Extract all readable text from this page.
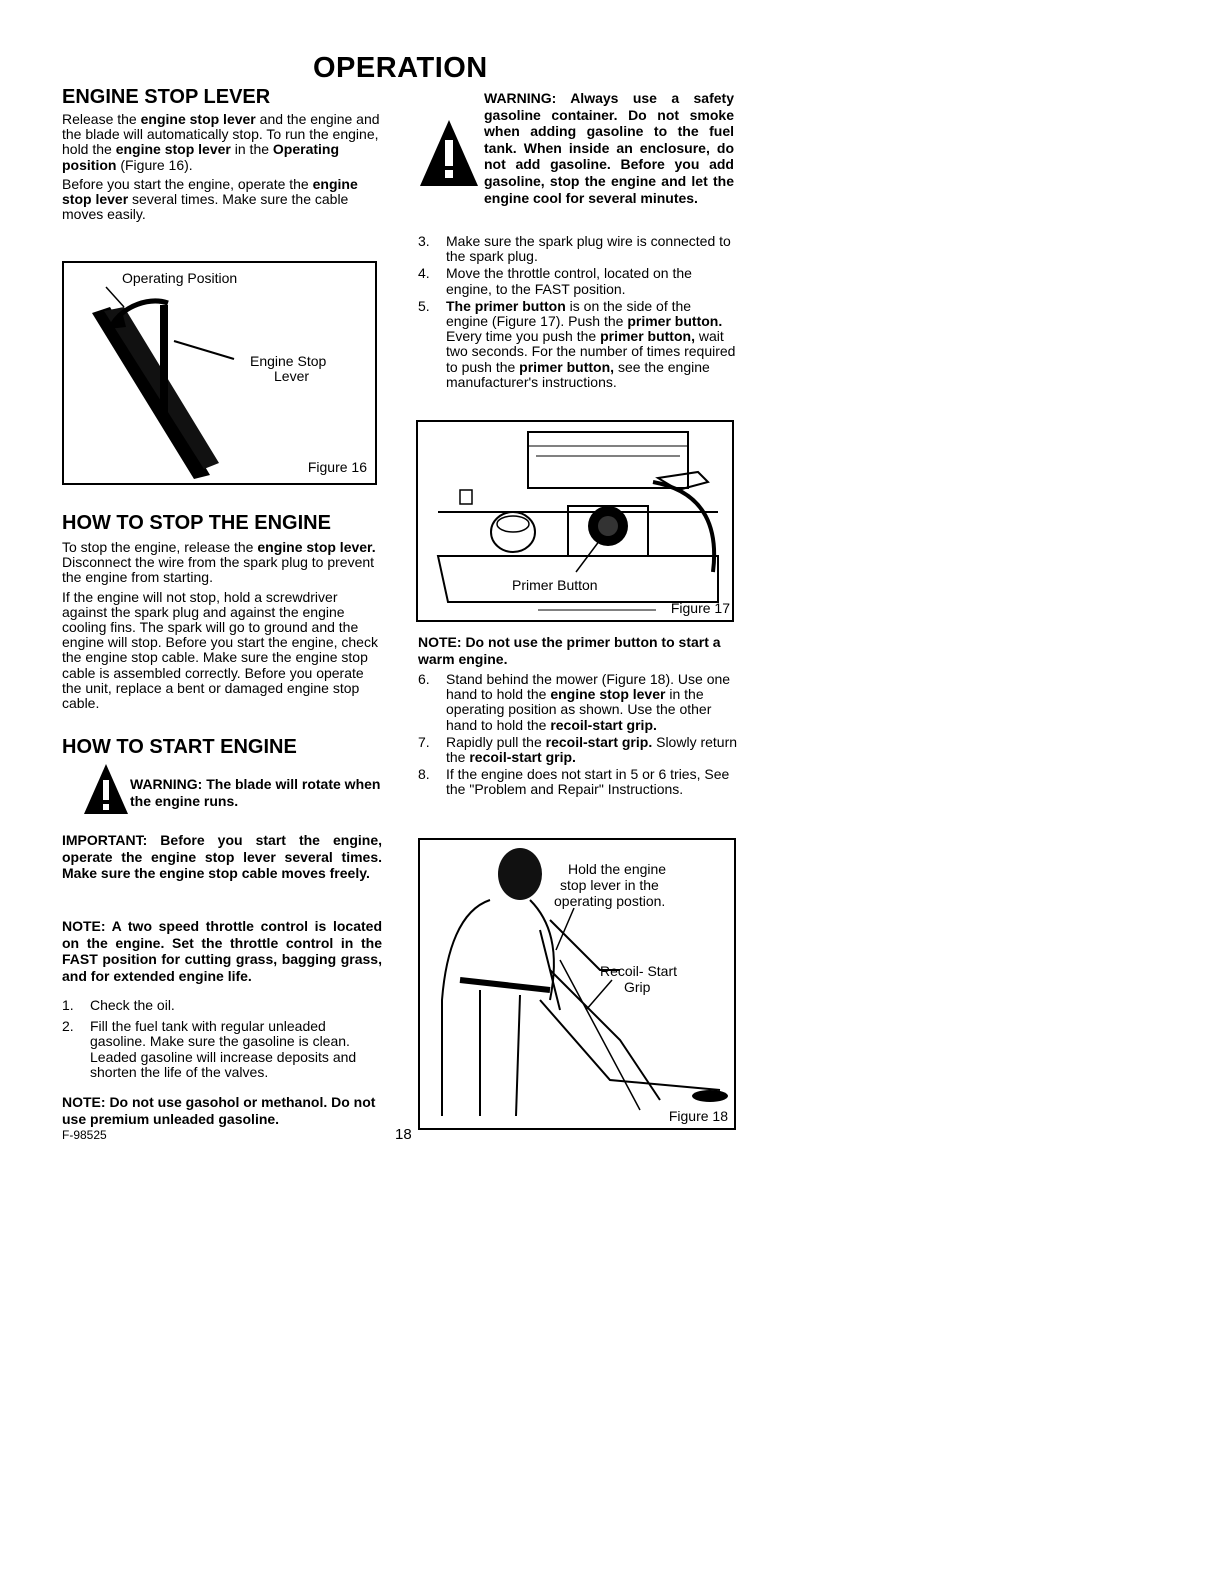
OPERATION
ENGINE STOP LEVER

Release the engine stop lever and the engine and the blade will automatically stop. To run the engine, hold the engine stop lever in the Operating position (Figure 16).

Before you start the engine, operate the engine stop lever several times. Make sure the cable moves easily.

Operating Position
Engine Stop
Lever
Figure 16
HOW TO STOP THE ENGINE

To stop the engine, release the engine stop lever. Disconnect the wire from the spark plug to prevent the engine from starting.

If the engine will not stop, hold a screwdriver against the spark plug and against the engine cooling fins. The spark will go to ground and the engine will stop. Before you start the engine, check the engine stop cable. Make sure the engine stop cable is assembled correctly. Before you operate the unit, replace a bent or damaged engine stop cable.

HOW TO START ENGINE
WARNING: The blade will rotate when the engine runs.
IMPORTANT: Before you start the engine, operate the engine stop lever several times. Make sure the engine stop cable moves freely.
NOTE: A two speed throttle control is located on the engine. Set the throttle control in the FAST position for cutting grass, bagging grass, and for extended engine life.
1. Check the oil.
2. Fill the fuel tank with regular unleaded gasoline. Make sure the gasoline is clean. Leaded gasoline will increase deposits and shorten the life of the valves.
NOTE: Do not use gasohol or methanol. Do not use premium unleaded gasoline.
F-98525	18
WARNING: Always use a safety gasoline container. Do not smoke when adding gasoline to the fuel tank. When inside an enclosure, do not add gasoline. Before you add gasoline, stop the engine and let the engine cool for several minutes.
3. Make sure the spark plug wire is connected to the spark plug.
4. Move the throttle control, located on the engine, to the FAST position.
5. The primer button is on the side of the engine (Figure 17). Push the primer button. Every time you push the primer button, wait two seconds. For the number of times required to push the primer button, see the engine manufacturer's instructions.
Primer Button
Figure 17
NOTE: Do not use the primer button to start a warm engine.
6. Stand behind the mower (Figure 18). Use one hand to hold the engine stop lever in the operating position as shown. Use the other hand to hold the recoil-start grip.
7. Rapidly pull the recoil-start grip. Slowly return the recoil-start grip.
8. If the engine does not start in 5 or 6 tries, See the "Problem and Repair" Instructions.
Hold the engine
stop lever in the
operating postion.
Recoil- Start
Grip
Figure 18
